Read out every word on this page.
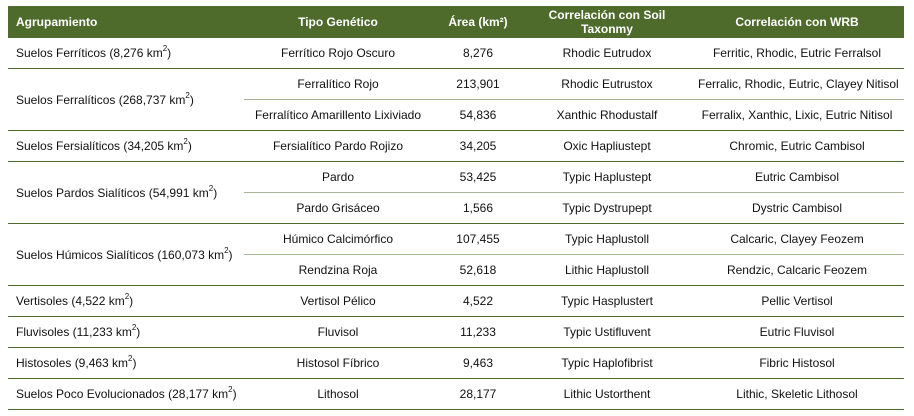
Agrupamiento	Tipo Genético	Área (km²)	Correlación con Soil Taxonmy	Correlación con WRB
Suelos Ferríticos (8,276 $km^2$)	Ferrítico Rojo Oscuro	8,276	Rhodic Eutrudox	Ferritic, Rhodic, Eutric Ferralsol
Suelos Ferralíticos (268,737 $km^2$)	Ferralítico Rojo	213,901	Rhodic Eutrustox	Ferralic, Rhodic, Eutric, Clayey Nitisol
	Ferralítico Amarillento Lixiviado	54,836	Xanthic Rhodustalf	Ferralix, Xanthic, Lixic, Eutric Nitisol
Suelos Fersialíticos (34,205 $km^2$)	Fersialítico Pardo Rojizo	34,205	Oxic Hapliustept	Chromic, Eutric Cambisol
Suelos Pardos Sialíticos (54,991 $km^2$)	Pardo	53,425	Typic Haplustept	Eutric Cambisol
	Pardo Grisáceo	1,566	Typic Dystrupept	Dystric Cambisol
Suelos Húmicos Sialíticos (160,073 $km^2$)	Húmico Calcimórfico	107,455	Typic Haplustoll	Calcaric, Clayey Feozem
	Rendzina Roja	52,618	Lithic Haplustoll	Rendzic, Calcaric Feozem
Vertisoles (4,522 $km^2$)	Vertisol Pélico	4,522	Typic Hasplustert	Pellic Vertisol
Fluvisoles (11,233 $km^2$)	Fluvisol	11,233	Typic Ustifluvent	Eutric Fluvisol
Histosoles (9,463 $km^2$)	Histosol Fíbrico	9,463	Typic Haplofibrist	Fibric Histosol
Suelos Poco Evolucionados (28,177 $km^2$)	Lithosol	28,177	Lithic Ustorthent	Lithic, Skeletic Lithosol
